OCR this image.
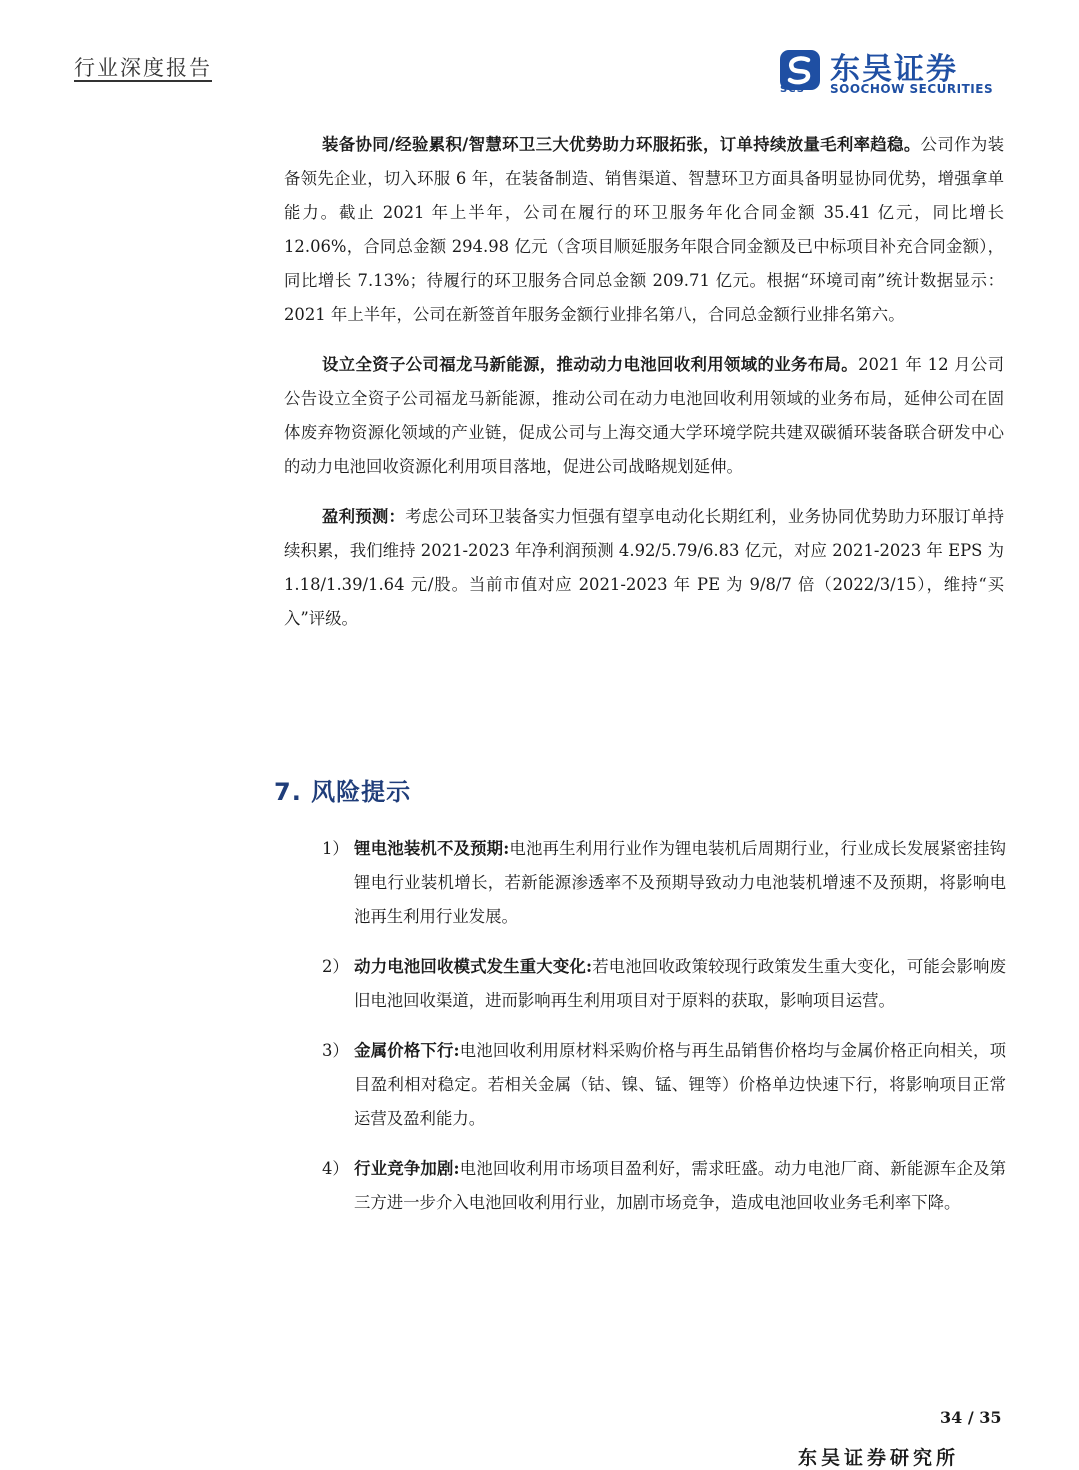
行业深度报告	东吴证券
SCS SOOCHOW SECURITIES

装备协同/经验累积/智慧环卫三大优势助力环服拓张，订单持续放量毛利率趋稳。公司作为装备领先企业，切入环服 6 年，在装备制造、销售渠道、智慧环卫方面具备明显协同优势，增强拿单能力。截止 2021 年上半年，公司在履行的环卫服务年化合同金额 35.41 亿元，同比增长 12.06%，合同总金额 294.98 亿元（含项目顺延服务年限合同金额及已中标项目补充合同金额），同比增长 7.13%；待履行的环卫服务合同总金额 209.71 亿元。根据“环境司南”统计数据显示：2021 年上半年，公司在新签首年服务金额行业排名第八，合同总金额行业排名第六。

设立全资子公司福龙马新能源，推动动力电池回收利用领域的业务布局。2021 年 12 月公司公告设立全资子公司福龙马新能源，推动公司在动力电池回收利用领域的业务布局，延伸公司在固体废弃物资源化领域的产业链，促成公司与上海交通大学环境学院共建双碳循环装备联合研发中心的动力电池回收资源化利用项目落地，促进公司战略规划延伸。

盈利预测：考虑公司环卫装备实力恒强有望享电动化长期红利，业务协同优势助力环服订单持续积累，我们维持 2021-2023 年净利润预测 4.92/5.79/6.83 亿元，对应 2021-2023 年 EPS 为 1.18/1.39/1.64 元/股。当前市值对应 2021-2023 年 PE 为 9/8/7 倍（2022/3/15），维持“买入”评级。

7. 风险提示

1） 锂电池装机不及预期:电池再生利用行业作为锂电装机后周期行业，行业成长发展紧密挂钩锂电行业装机增长，若新能源渗透率不及预期导致动力电池装机增速不及预期，将影响电池再生利用行业发展。

2） 动力电池回收模式发生重大变化:若电池回收政策较现行政策发生重大变化，可能会影响废旧电池回收渠道，进而影响再生利用项目对于原料的获取，影响项目运营。

3） 金属价格下行:电池回收利用原材料采购价格与再生品销售价格均与金属价格正向相关，项目盈利相对稳定。若相关金属（钴、镍、锰、锂等）价格单边快速下行，将影响项目正常运营及盈利能力。

4） 行业竞争加剧:电池回收利用市场项目盈利好，需求旺盛。动力电池厂商、新能源车企及第三方进一步介入电池回收利用行业，加剧市场竞争，造成电池回收业务毛利率下降。

34 / 35
东吴证券研究所
